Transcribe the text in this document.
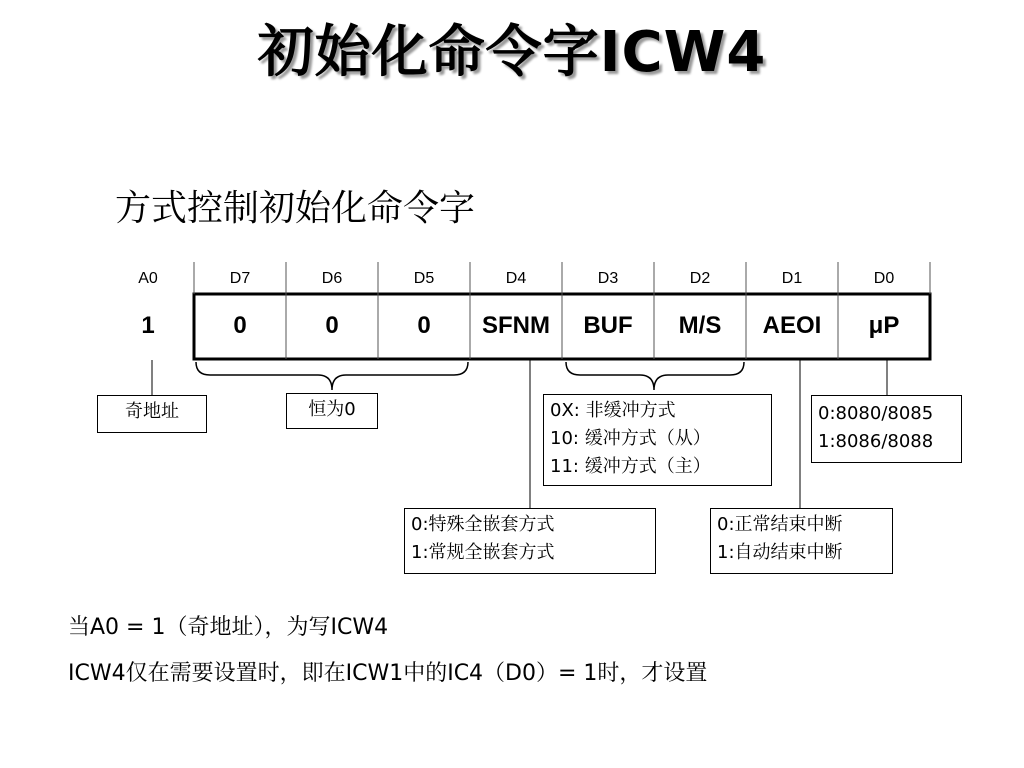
初始化命令字ICW4
方式控制初始化命令字
A0	D7	D6	D5	D4	D3	D2	D1	D0
1	0	0	0	SFNM	BUF	M/S	AEOI	μP
奇地址	恒为0	0X: 非缓冲方式
10: 缓冲方式（从）
11: 缓冲方式（主）
0:8080/8085
1:8086/8088
0:特殊全嵌套方式
1:常规全嵌套方式
0:正常结束中断
1:自动结束中断
当A0 = 1（奇地址），为写ICW4
ICW4仅在需要设置时，即在ICW1中的IC4（D0）= 1时，才设置
